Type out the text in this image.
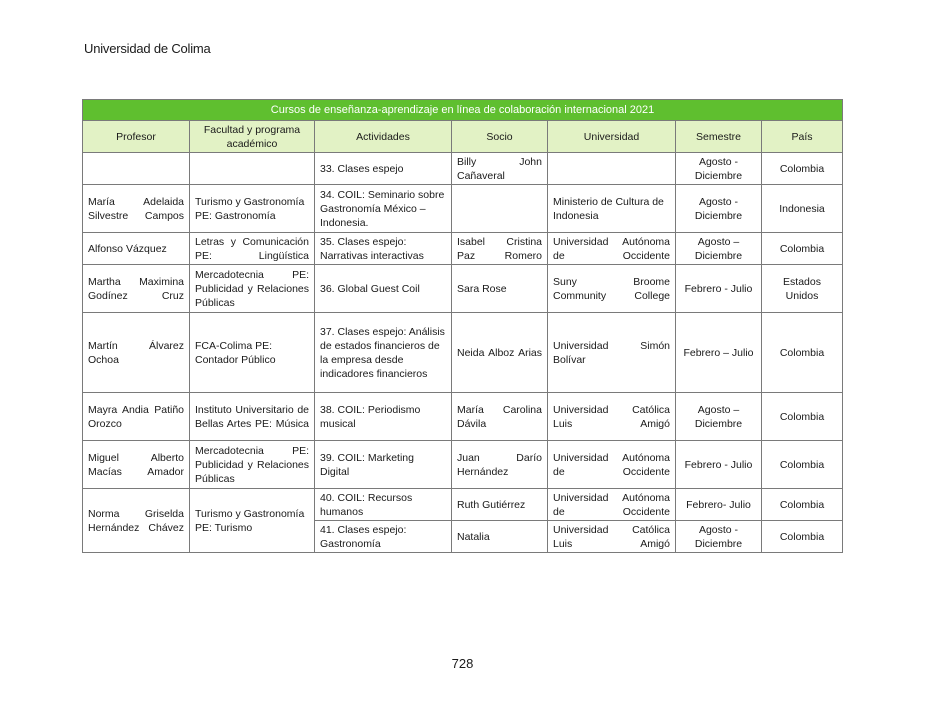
Universidad de Colima
Cursos de enseñanza-aprendizaje en línea de colaboración internacional 2021						
Profesor	Facultad y programa académico	Actividades	Socio	Universidad	Semestre	País
		33. Clases espejo	Billy John Cañaveral		Agosto - Diciembre	Colombia
María Adelaida Silvestre Campos	Turismo y Gastronomía PE: Gastronomía	34. COIL: Seminario sobre Gastronomía México – Indonesia.		Ministerio de Cultura de Indonesia	Agosto - Diciembre	Indonesia
Alfonso Vázquez	Letras y Comunicación PE: Lingüística	35. Clases espejo: Narrativas interactivas	Isabel Cristina Paz Romero	Universidad Autónoma de Occidente	Agosto – Diciembre	Colombia
Martha Maximina Godínez Cruz	Mercadotecnia PE: Publicidad y Relaciones Públicas	36. Global Guest Coil	Sara Rose	Suny Broome Community College	Febrero - Julio	Estados Unidos
Martín Álvarez Ochoa	FCA-Colima PE: Contador Público	37. Clases espejo: Análisis de estados financieros de la empresa desde indicadores financieros	Neida Alboz Arias	Universidad Simón Bolívar	Febrero – Julio	Colombia
Mayra Andia Patiño Orozco	Instituto Universitario de Bellas Artes PE: Música	38. COIL: Periodismo musical	María Carolina Dávila	Universidad Católica Luis Amigó	Agosto – Diciembre	Colombia
Miguel Alberto Macías Amador	Mercadotecnia PE: Publicidad y Relaciones Públicas	39. COIL: Marketing Digital	Juan Darío Hernández	Universidad Autónoma de Occidente	Febrero - Julio	Colombia
Norma Griselda Hernández Chávez	Turismo y Gastronomía PE: Turismo	40. COIL: Recursos humanos	Ruth Gutiérrez	Universidad Autónoma de Occidente	Febrero- Julio	Colombia
		41. Clases espejo: Gastronomía	Natalia	Universidad Católica Luis Amigó	Agosto - Diciembre	Colombia
728
